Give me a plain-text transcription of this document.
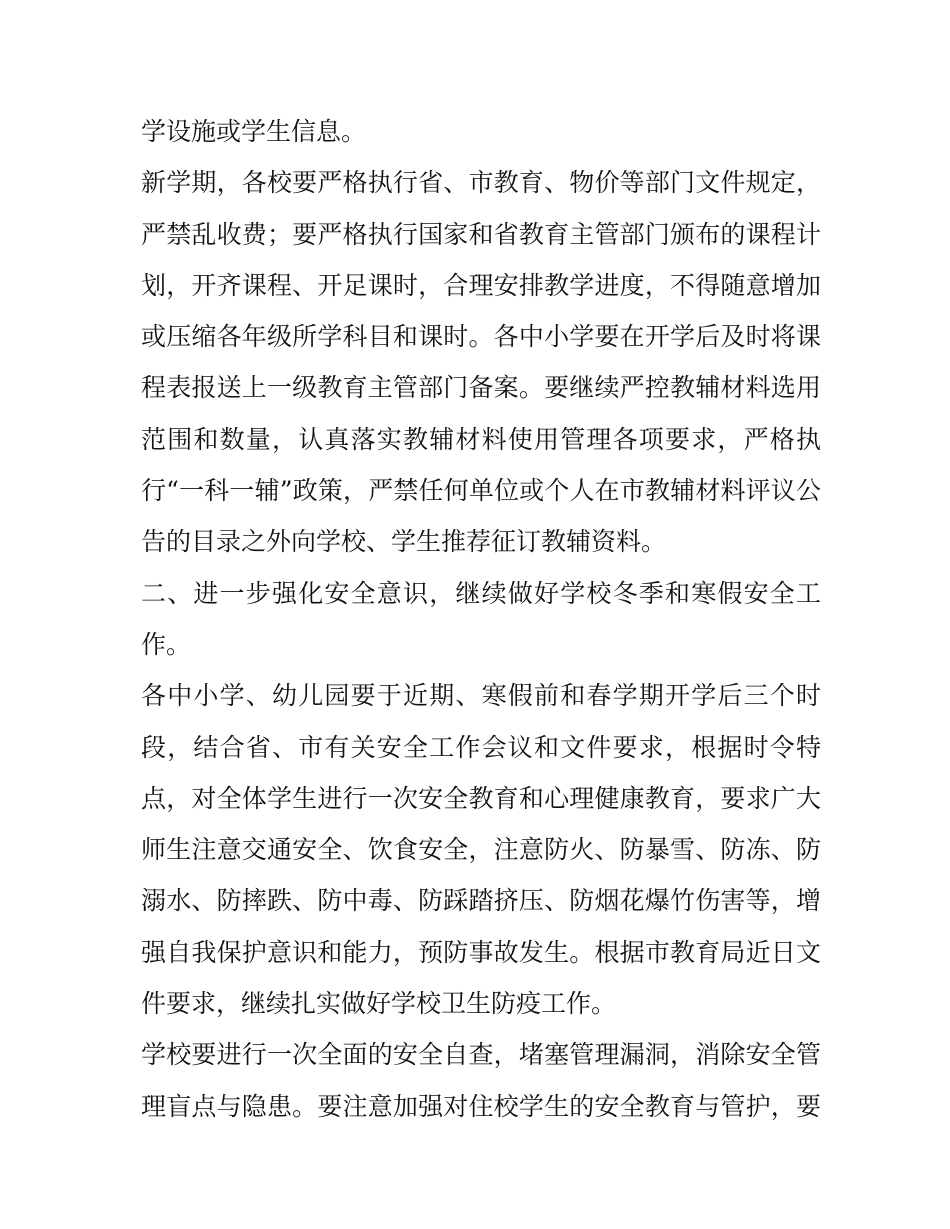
学设施或学生信息。
新学期，各校要严格执行省、市教育、物价等部门文件规定，
严禁乱收费；要严格执行国家和省教育主管部门颁布的课程计
划，开齐课程、开足课时，合理安排教学进度，不得随意增加
或压缩各年级所学科目和课时。各中小学要在开学后及时将课
程表报送上一级教育主管部门备案。要继续严控教辅材料选用
范围和数量，认真落实教辅材料使用管理各项要求，严格执
行“一科一辅”政策，严禁任何单位或个人在市教辅材料评议公
告的目录之外向学校、学生推荐征订教辅资料。
二、进一步强化安全意识，继续做好学校冬季和寒假安全工
作。
各中小学、幼儿园要于近期、寒假前和春学期开学后三个时
段，结合省、市有关安全工作会议和文件要求，根据时令特
点，对全体学生进行一次安全教育和心理健康教育，要求广大
师生注意交通安全、饮食安全，注意防火、防暴雪、防冻、防
溺水、防摔跌、防中毒、防踩踏挤压、防烟花爆竹伤害等，增
强自我保护意识和能力，预防事故发生。根据市教育局近日文
件要求，继续扎实做好学校卫生防疫工作。
学校要进行一次全面的安全自查，堵塞管理漏洞，消除安全管
理盲点与隐患。要注意加强对住校学生的安全教育与管护，要
